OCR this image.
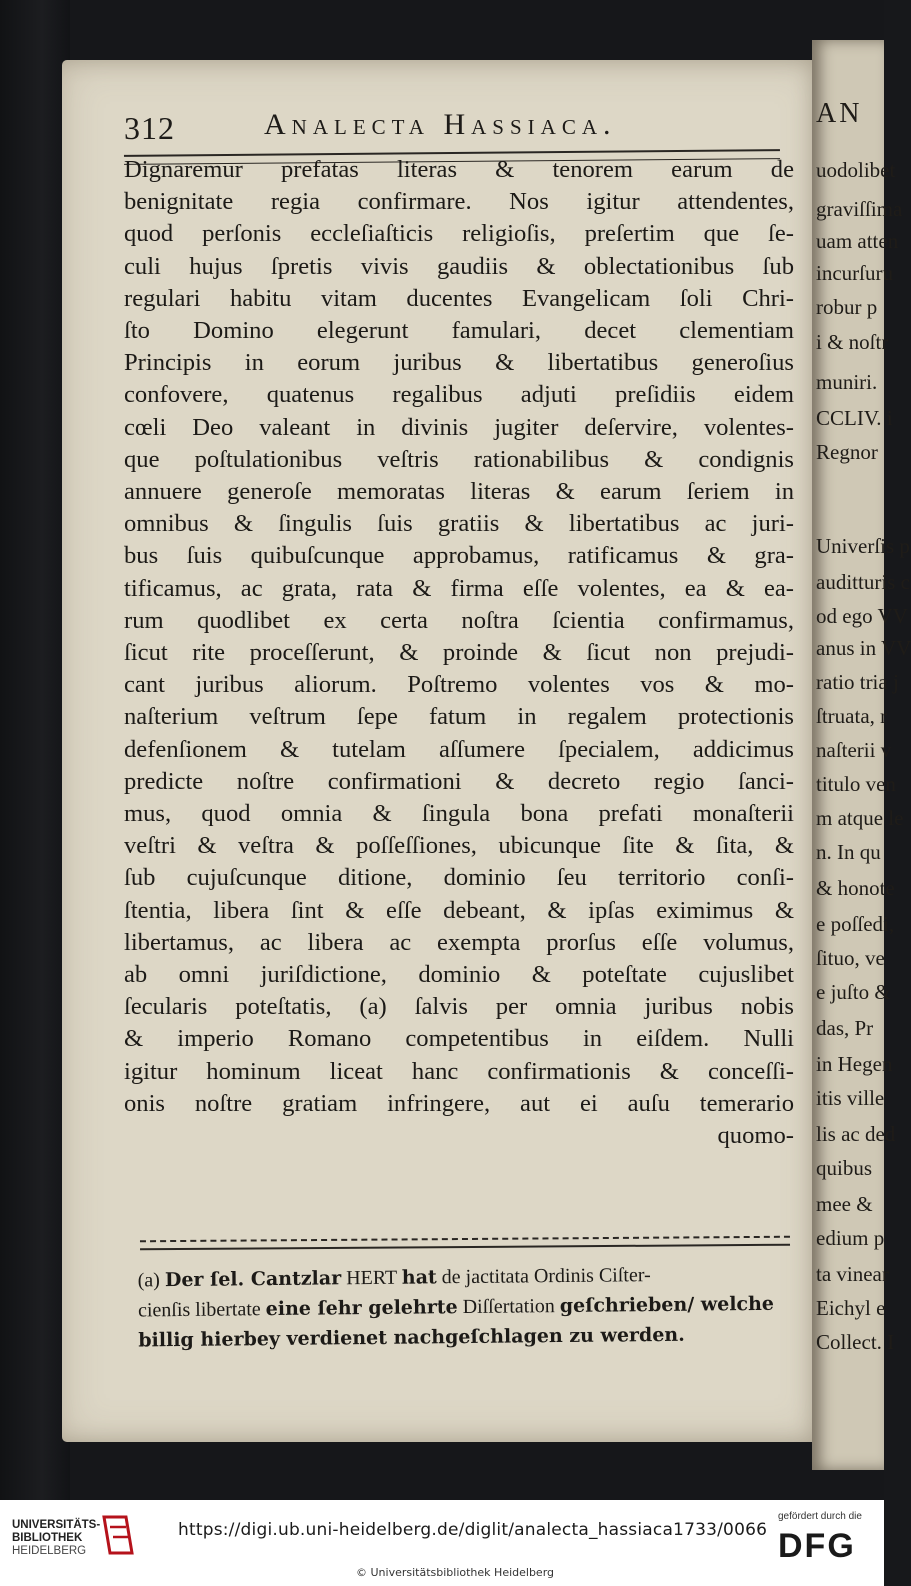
312	Analecta Hassiaca.
Dignaremur prefatas literas & tenorem earum de
benignitate regia confirmare. Nos igitur attendentes,
quod perſonis eccleſiaſticis religioſis, preſertim que ſe-
culi hujus ſpretis vivis gaudiis & oblectationibus ſub
regulari habitu vitam ducentes Evangelicam ſoli Chri-
ſto Domino elegerunt famulari, decet clementiam
Principis in eorum juribus & libertatibus generoſius
confovere, quatenus regalibus adjuti preſidiis eidem
cœli Deo valeant in divinis jugiter deſervire, volentes-
que poſtulationibus veſtris rationabilibus & condignis
annuere generoſe memoratas literas & earum ſeriem in
omnibus & ſingulis ſuis gratiis & libertatibus ac juri-
bus ſuis quibuſcunque approbamus, ratificamus & gra-
tificamus, ac grata, rata & firma eſſe volentes, ea & ea-
rum quodlibet ex certa noſtra ſcientia confirmamus,
ſicut rite proceſſerunt, & proinde & ſicut non prejudi-
cant juribus aliorum. Poſtremo volentes vos & mo-
naſterium veſtrum ſepe fatum in regalem protectionis
defenſionem & tutelam aſſumere ſpecialem, addicimus
predicte noſtre confirmationi & decreto regio ſanci-
mus, quod omnia & ſingula bona prefati monaſterii
veſtri & veſtra & poſſeſſiones, ubicunque ſite & ſita, &
ſub cujuſcunque ditione, dominio ſeu territorio conſi-
ſtentia, libera ſint & eſſe debeant, & ipſas eximimus &
libertamus, ac libera ac exempta prorſus eſſe volumus,
ab omni juriſdictione, dominio & poteſtate cujuslibet
ſecularis poteſtatis, (a) ſalvis per omnia juribus nobis
& imperio Romano competentibus in eiſdem. Nulli
igitur hominum liceat hanc confirmationis & conceſſi-
onis noſtre gratiam infringere, aut ei auſu temerario
quomo-
(a) Der ſel. Cantzlar HERT hat de jactitata Ordinis Ciſter-
cienſis libertate eine ſehr gelehrte Diſſertation geſchrieben/ welche
billig hierbey verdienet nachgeſchlagen zu werden.
AN
uodolibet
graviſſima
uam atten
incurſuru
robur p
i & noſtr
muniri.
CCLIV. i
Regnor
Univerſis p
auditturis c
od ego VV
anus in VV
ratio tria j
ſtruata, r
naſterii v
titulo ven
m atque le
n. In qu
& honote
e poſſedi,
ſituo, ve
e juſto &
das, Pr
in Hegen
itis ville
lis ac ded
quibus
mee &
edium p
ta vinear
Eichyl e
Collect. I
UNIVERSITÄTS-
BIBLIOTHEK
HEIDELBERG
https://digi.ub.uni-heidelberg.de/diglit/analecta_hassiaca1733/0066
© Universitätsbibliothek Heidelberg
gefördert durch die
DFG
